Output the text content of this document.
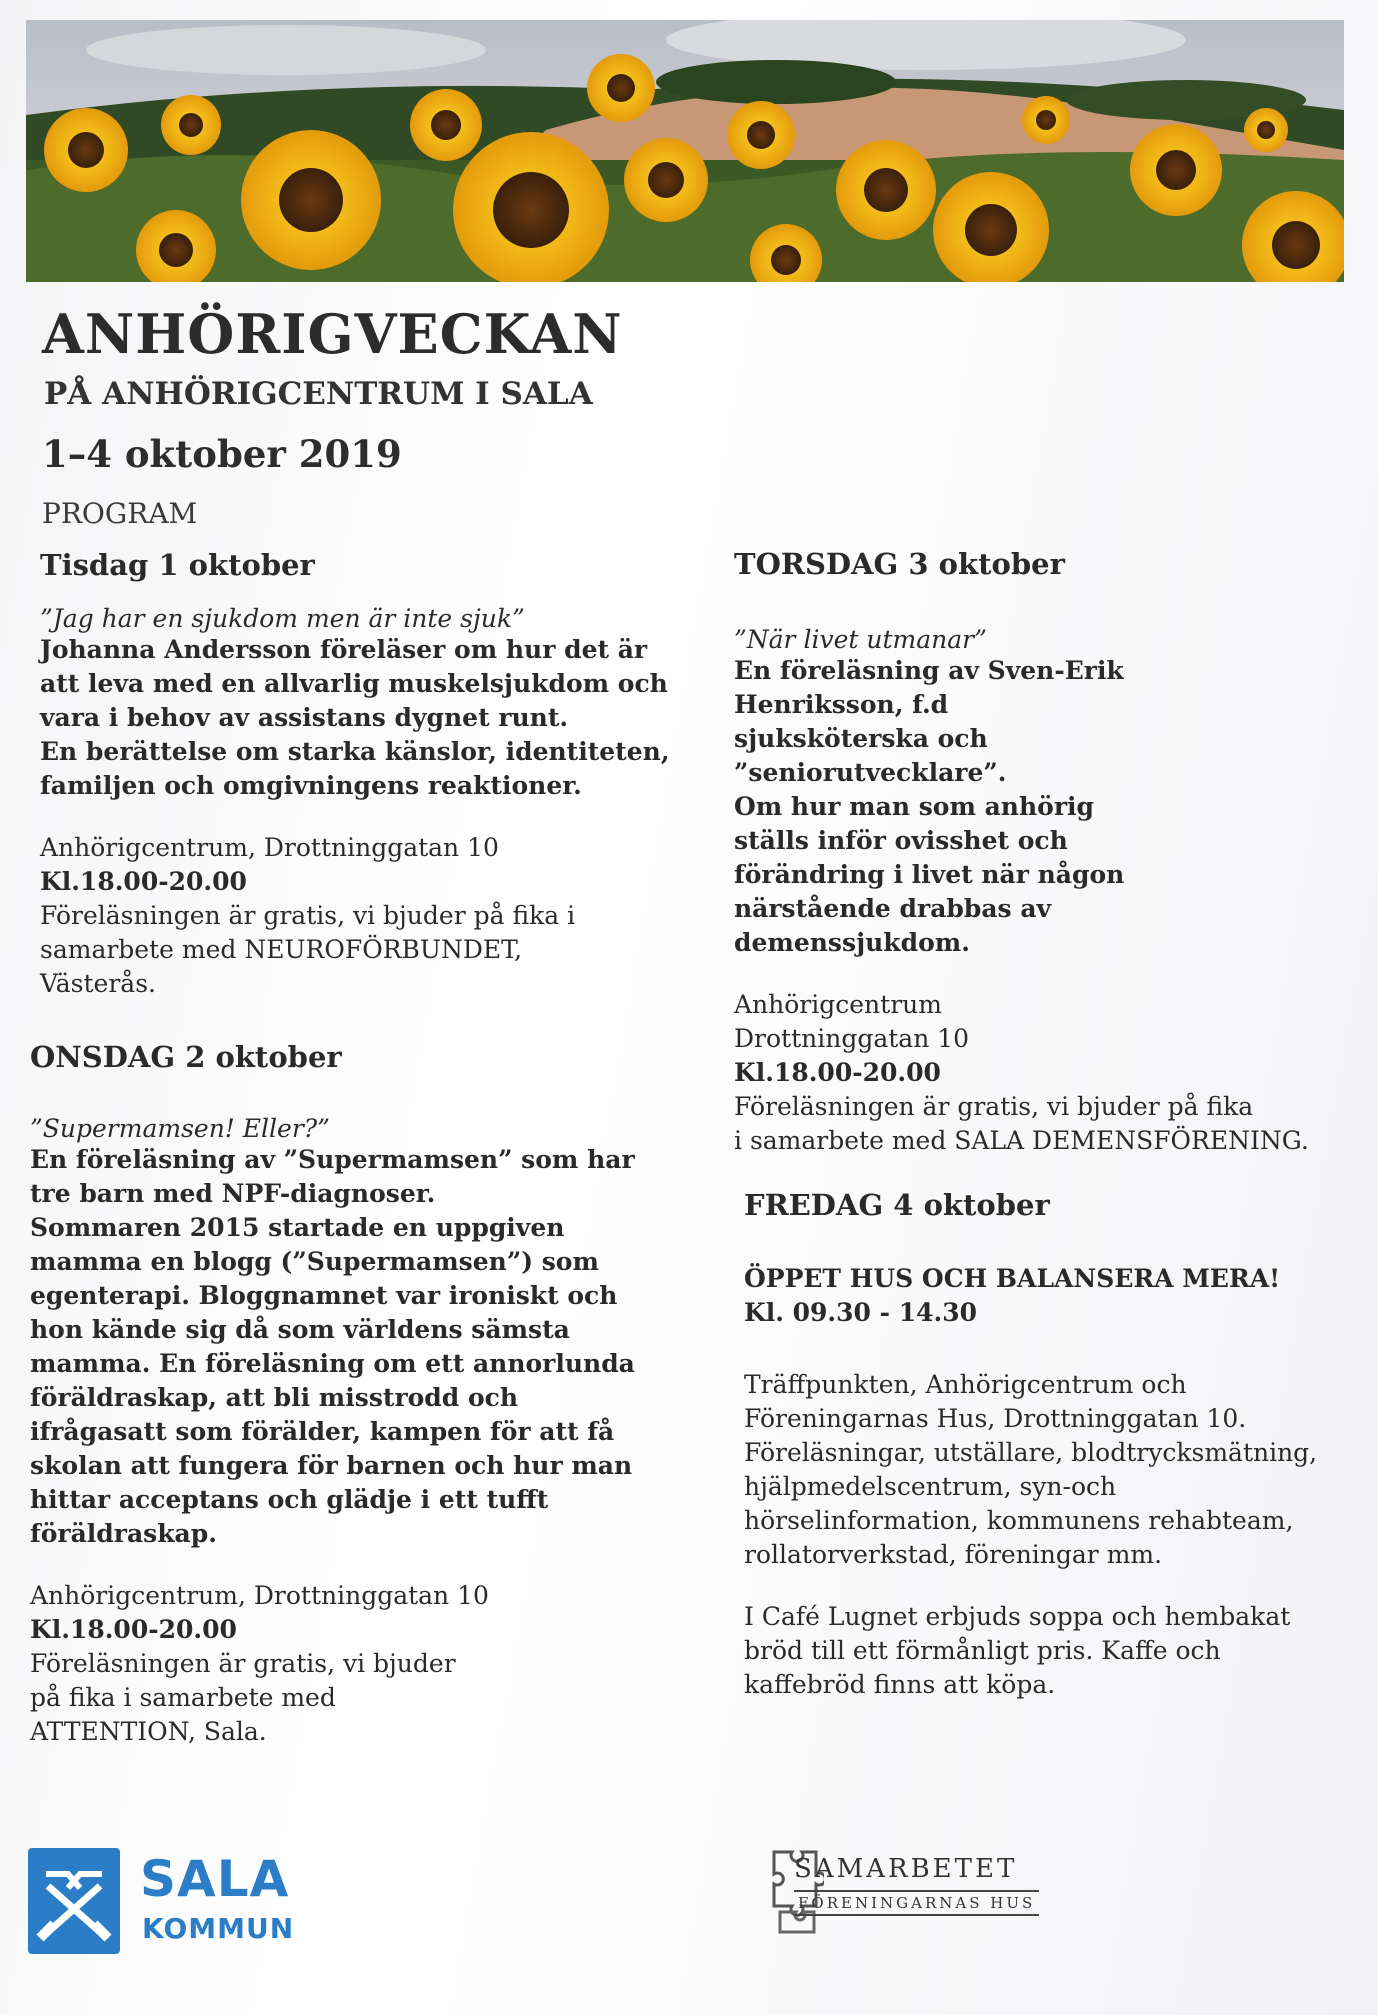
ANHÖRIGVECKAN
PÅ ANHÖRIGCENTRUM I SALA
1–4 oktober 2019
PROGRAM

Tisdag 1 oktober

”Jag har en sjukdom men är inte sjuk”

Johanna Andersson föreläser om hur det är
att leva med en allvarlig muskelsjukdom och
vara i behov av assistans dygnet runt.
En berättelse om starka känslor, identiteten,
familjen och omgivningens reaktioner.
Anhörigcentrum, Drottninggatan 10
Kl.18.00-20.00
Föreläsningen är gratis, vi bjuder på fika i
samarbete med NEUROFÖRBUNDET,
Västerås.

ONSDAG 2 oktober

”Supermamsen! Eller?”

En föreläsning av ”Supermamsen” som har
tre barn med NPF-diagnoser.
Sommaren 2015 startade en uppgiven
mamma en blogg (”Supermamsen”) som
egenterapi. Bloggnamnet var ironiskt och
hon kände sig då som världens sämsta
mamma. En föreläsning om ett annorlunda
föräldraskap, att bli misstrodd och
ifrågasatt som förälder, kampen för att få
skolan att fungera för barnen och hur man
hittar acceptans och glädje i ett tufft
föräldraskap.
Anhörigcentrum, Drottninggatan 10
Kl.18.00-20.00
Föreläsningen är gratis, vi bjuder
på fika i samarbete med
ATTENTION, Sala.

TORSDAG 3 oktober

”När livet utmanar”

En föreläsning av Sven-Erik
Henriksson, f.d
sjuksköterska och
”seniorutvecklare”.
Om hur man som anhörig
ställs inför ovisshet och
förändring i livet när någon
närstående drabbas av
demenssjukdom.
Anhörigcentrum
Drottninggatan 10
Kl.18.00-20.00
Föreläsningen är gratis, vi bjuder på fika
i samarbete med SALA DEMENSFÖRENING.

FREDAG 4 oktober

ÖPPET HUS OCH BALANSERA MERA!
Kl. 09.30 - 14.30
Träffpunkten, Anhörigcentrum och
Föreningarnas Hus, Drottninggatan 10.
Föreläsningar, utställare, blodtrycksmätning,
hjälpmedelscentrum, syn-och
hörselinformation, kommunens rehabteam,
rollatorverkstad, föreningar mm.
I Café Lugnet erbjuds soppa och hembakat
bröd till ett förmånligt pris. Kaffe och
kaffebröd finns att köpa.
SALA
KOMMUN
SAMARBETET
FÖRENINGARNAS HUS
